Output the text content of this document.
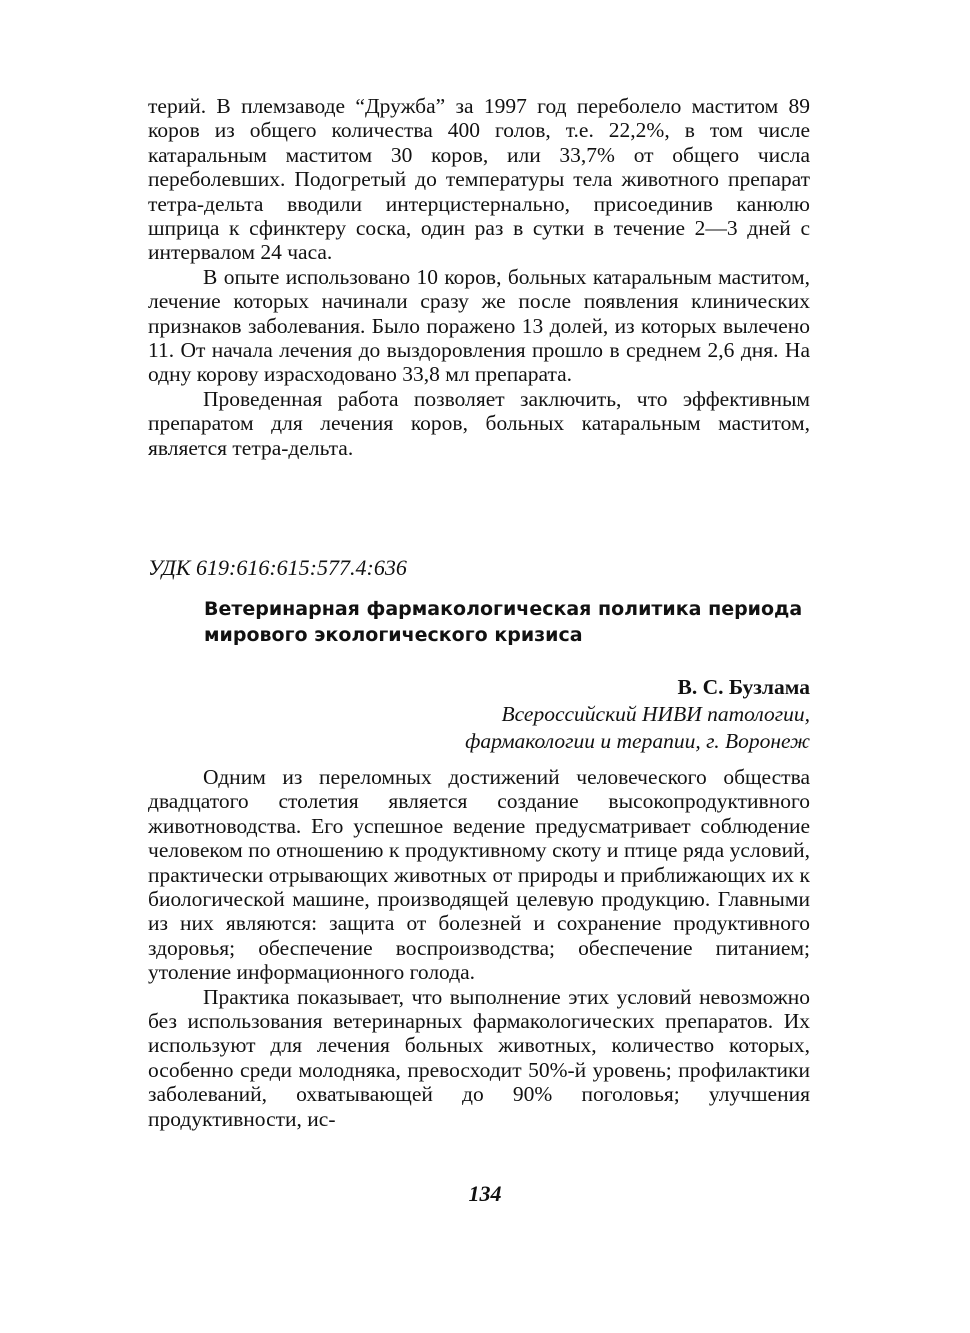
терий. В племзаводе “Дружба” за 1997 год переболело маститом 89 коров из общего количества 400 голов, т.е. 22,2%, в том числе катаральным маститом 30 коров, или 33,7% от общего числа переболевших. Подогретый до температуры тела животного препарат тетра-дельта вводили интерцистернально, присоединив канюлю шприца к сфинктеру соска, один раз в сутки в течение 2—3 дней с интервалом 24 часа.

В опыте использовано 10 коров, больных катаральным маститом, лечение которых начинали сразу же после появления клинических признаков заболевания. Было поражено 13 долей, из которых вылечено 11. От начала лечения до выздоровления прошло в среднем 2,6 дня. На одну корову израсходовано 33,8 мл препарата.

Проведенная работа позволяет заключить, что эффективным препаратом для лечения коров, больных катаральным маститом, является тетра-дельта.

УДК 619:616:615:577.4:636
Ветеринарная фармакологическая политика периода мирового экологического кризиса
В. С. Бузлама
Всероссийский НИВИ патологии,
фармакологии и терапии, г. Воронеж

Одним из переломных достижений человеческого общества двадцатого столетия является создание высокопродуктивного животноводства. Его успешное ведение предусматривает соблюдение человеком по отношению к продуктивному скоту и птице ряда условий, практически отрывающих животных от природы и приближающих их к биологической машине, производящей целевую продукцию. Главными из них являются: защита от болезней и сохранение продуктивного здоровья; обеспечение воспроизводства; обеспечение питанием; утоление информационного голода.

Практика показывает, что выполнение этих условий невозможно без использования ветеринарных фармакологических препаратов. Их используют для лечения больных животных, количество которых, особенно среди молодняка, превосходит 50%-й уровень; профилактики заболеваний, охватывающей до 90% поголовья; улучшения продуктивности, ис-

134
